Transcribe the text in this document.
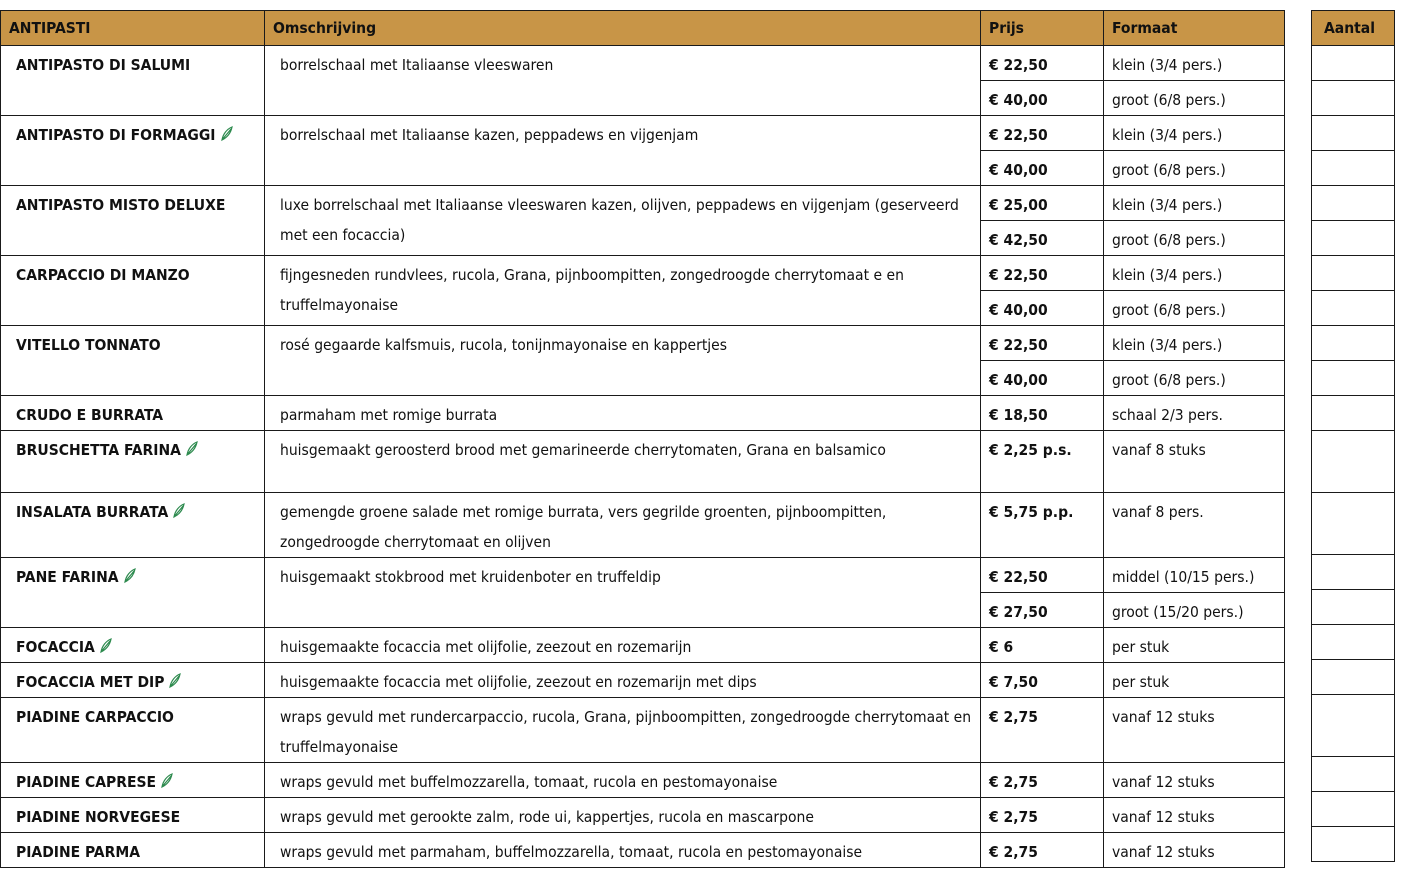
ANTIPASTI	Omschrijving	Prijs	Formaat
ANTIPASTO DI SALUMI	borrelschaal met Italiaanse vleeswaren	€ 22,50	klein (3/4 pers.)
		€ 40,00	groot (6/8 pers.)
ANTIPASTO DI FORMAGGI	borrelschaal met Italiaanse kazen, peppadews en vijgenjam	€ 22,50	klein (3/4 pers.)
		€ 40,00	groot (6/8 pers.)
ANTIPASTO MISTO DELUXE	luxe borrelschaal met Italiaanse vleeswaren kazen, olijven, peppadews en vijgenjam (geserveerd met een focaccia)	€ 25,00	klein (3/4 pers.)
		€ 42,50	groot (6/8 pers.)
CARPACCIO DI MANZO	fijngesneden rundvlees, rucola, Grana, pijnboompitten, zongedroogde cherrytomaat e en truffelmayonaise	€ 22,50	klein (3/4 pers.)
		€ 40,00	groot (6/8 pers.)
VITELLO TONNATO	rosé gegaarde kalfsmuis, rucola, tonijnmayonaise en kappertjes	€ 22,50	klein (3/4 pers.)
		€ 40,00	groot (6/8 pers.)
CRUDO E BURRATA	parmaham met romige burrata	€ 18,50	schaal 2/3 pers.
BRUSCHETTA FARINA	huisgemaakt geroosterd brood met gemarineerde cherrytomaten, Grana en balsamico	€ 2,25 p.s.	vanaf 8 stuks
INSALATA BURRATA	gemengde groene salade met romige burrata, vers gegrilde groenten, pijnboompitten, zongedroogde cherrytomaat en olijven	€ 5,75 p.p.	vanaf 8 pers.
PANE FARINA	huisgemaakt stokbrood met kruidenboter en truffeldip	€ 22,50	middel (10/15 pers.)
		€ 27,50	groot (15/20 pers.)
FOCACCIA	huisgemaakte focaccia met olijfolie, zeezout en rozemarijn	€ 6	per stuk
FOCACCIA MET DIP	huisgemaakte focaccia met olijfolie, zeezout en rozemarijn met dips	€ 7,50	per stuk
PIADINE CARPACCIO	wraps gevuld met rundercarpaccio, rucola, Grana, pijnboompitten, zongedroogde cherrytomaat en truffelmayonaise	€ 2,75	vanaf 12 stuks
PIADINE CAPRESE	wraps gevuld met buffelmozzarella, tomaat, rucola en pestomayonaise	€ 2,75	vanaf 12 stuks
PIADINE NORVEGESE	wraps gevuld met gerookte zalm, rode ui, kappertjes, rucola en mascarpone	€ 2,75	vanaf 12 stuks
PIADINE PARMA	wraps gevuld met parmaham, buffelmozzarella, tomaat, rucola en pestomayonaise	€ 2,75	vanaf 12 stuks
Aantal
